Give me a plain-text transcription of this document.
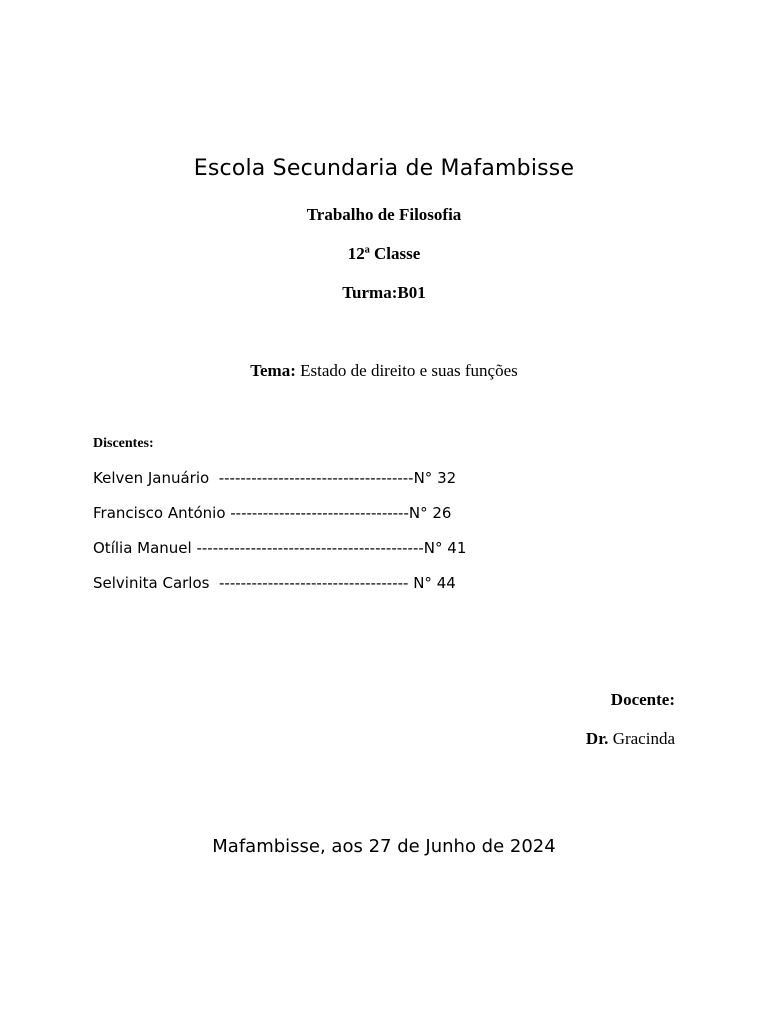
Escola Secundaria de Mafambisse
Trabalho de Filosofia
12ª Classe
Turma:B01
Tema: Estado de direito e suas funções
Discentes:
Kelven Januário  ------------------------------------N° 32
Francisco António ---------------------------------N° 26
Otília Manuel ------------------------------------------N° 41
Selvinita Carlos  ----------------------------------- N° 44
Docente:
Dr. Gracinda
Mafambisse, aos 27 de Junho de 2024
